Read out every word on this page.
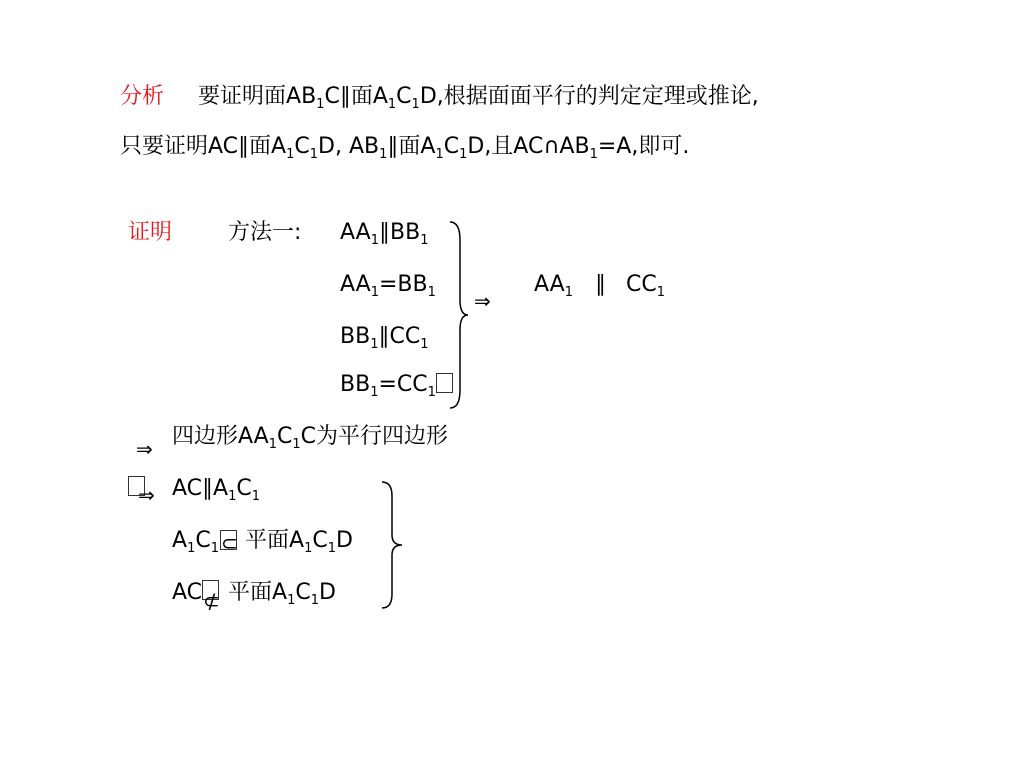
分析 要证明面$AB_1C\parallel$面$A_1C_1D$,根据面面平行的判定定理或推论,
只要证明AC∥面$A_1C_1D$, $AB_1\parallel$面$A_1C_1D$,且$AC\cap AB_1=A$,即可.
证明	方法一: $AA_1\parallel BB_1$
$AA_1=BB_1$
$BB_1\parallel CC_1$
$BB_1=CC_1$
⇒
$AA_1$ ∥ $CC_1$
⇒ 四边形$AA_1C_1C$为平行四边形
⇒ $AC\parallel A_1C_1$
$A_1C_1$ 平面$A_1C_1D$
⊂
AC 平面$A_1C_1D$
⊄
